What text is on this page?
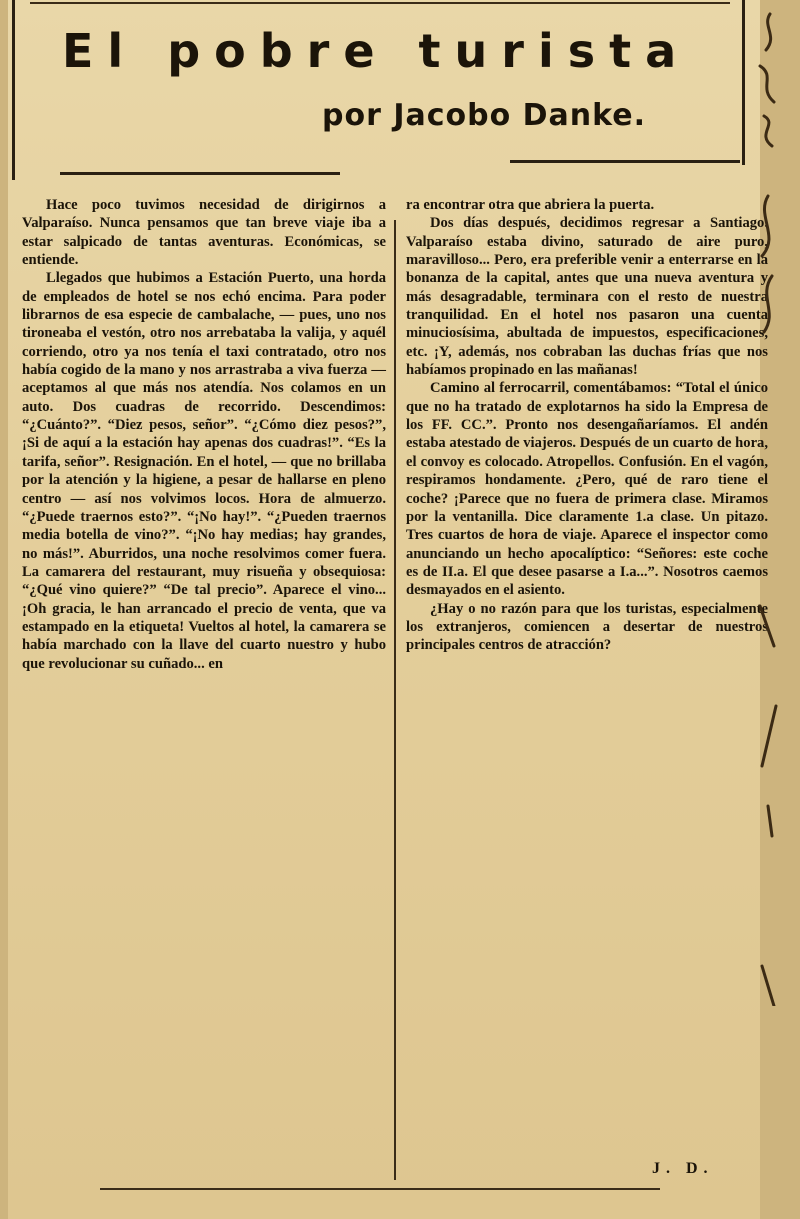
El pobre turista
por Jacobo Danke.

Hace poco tuvimos necesidad de dirigirnos a Valparaíso. Nunca pensamos que tan breve viaje iba a estar salpicado de tantas aventuras. Económicas, se entiende.

Llegados que hubimos a Estación Puerto, una horda de empleados de hotel se nos echó encima. Para poder librarnos de esa especie de cambalache, — pues, uno nos tironeaba el vestón, otro nos arrebataba la valija, y aquél corriendo, otro ya nos tenía el taxi contratado, otro nos había cogido de la mano y nos arrastraba a viva fuerza — aceptamos al que más nos atendía. Nos colamos en un auto. Dos cuadras de recorrido. Descendimos: “¿Cuánto?”. “Diez pesos, señor”. “¿Cómo diez pesos?”, ¡Si de aquí a la estación hay apenas dos cuadras!”. “Es la tarifa, señor”. Resignación. En el hotel, — que no brillaba por la atención y la higiene, a pesar de hallarse en pleno centro — así nos volvimos locos. Hora de almuerzo. “¿Puede traernos esto?”. “¡No hay!”. “¿Pueden traernos media botella de vino?”. “¡No hay medias; hay grandes, no más!”. Aburridos, una noche resolvimos comer fuera. La camarera del restaurant, muy risueña y obsequiosa: “¿Qué vino quiere?” “De tal precio”. Aparece el vino... ¡Oh gracia, le han arrancado el precio de venta, que va estampado en la etiqueta! Vueltos al hotel, la camarera se había marchado con la llave del cuarto nuestro y hubo que revolucionar su cuñado... en

ra encontrar otra que abriera la puerta.

Dos días después, decidimos regresar a Santiago. Valparaíso estaba divino, saturado de aire puro, maravilloso... Pero, era preferible venir a enterrarse en la bonanza de la capital, antes que una nueva aventura y más desagradable, terminara con el resto de nuestra tranquilidad. En el hotel nos pasaron una cuenta minuciosísima, abultada de impuestos, especificaciones, etc. ¡Y, además, nos cobraban las duchas frías que nos habíamos propinado en las mañanas!

Camino al ferrocarril, comentábamos: “Total el único que no ha tratado de explotarnos ha sido la Empresa de los FF. CC.”. Pronto nos desengañaríamos. El andén estaba atestado de viajeros. Después de un cuarto de hora, el convoy es colocado. Atropellos. Confusión. En el vagón, respiramos hondamente. ¿Pero, qué de raro tiene el coche? ¡Parece que no fuera de primera clase. Miramos por la ventanilla. Dice claramente 1.a clase. Un pitazo. Tres cuartos de hora de viaje. Aparece el inspector como anunciando un hecho apocalíptico: “Señores: este coche es de II.a. El que desee pasarse a I.a...”. Nosotros caemos desmayados en el asiento.

¿Hay o no razón para que los turistas, especialmente los extranjeros, comiencen a desertar de nuestros principales centros de atracción?

J. D.
